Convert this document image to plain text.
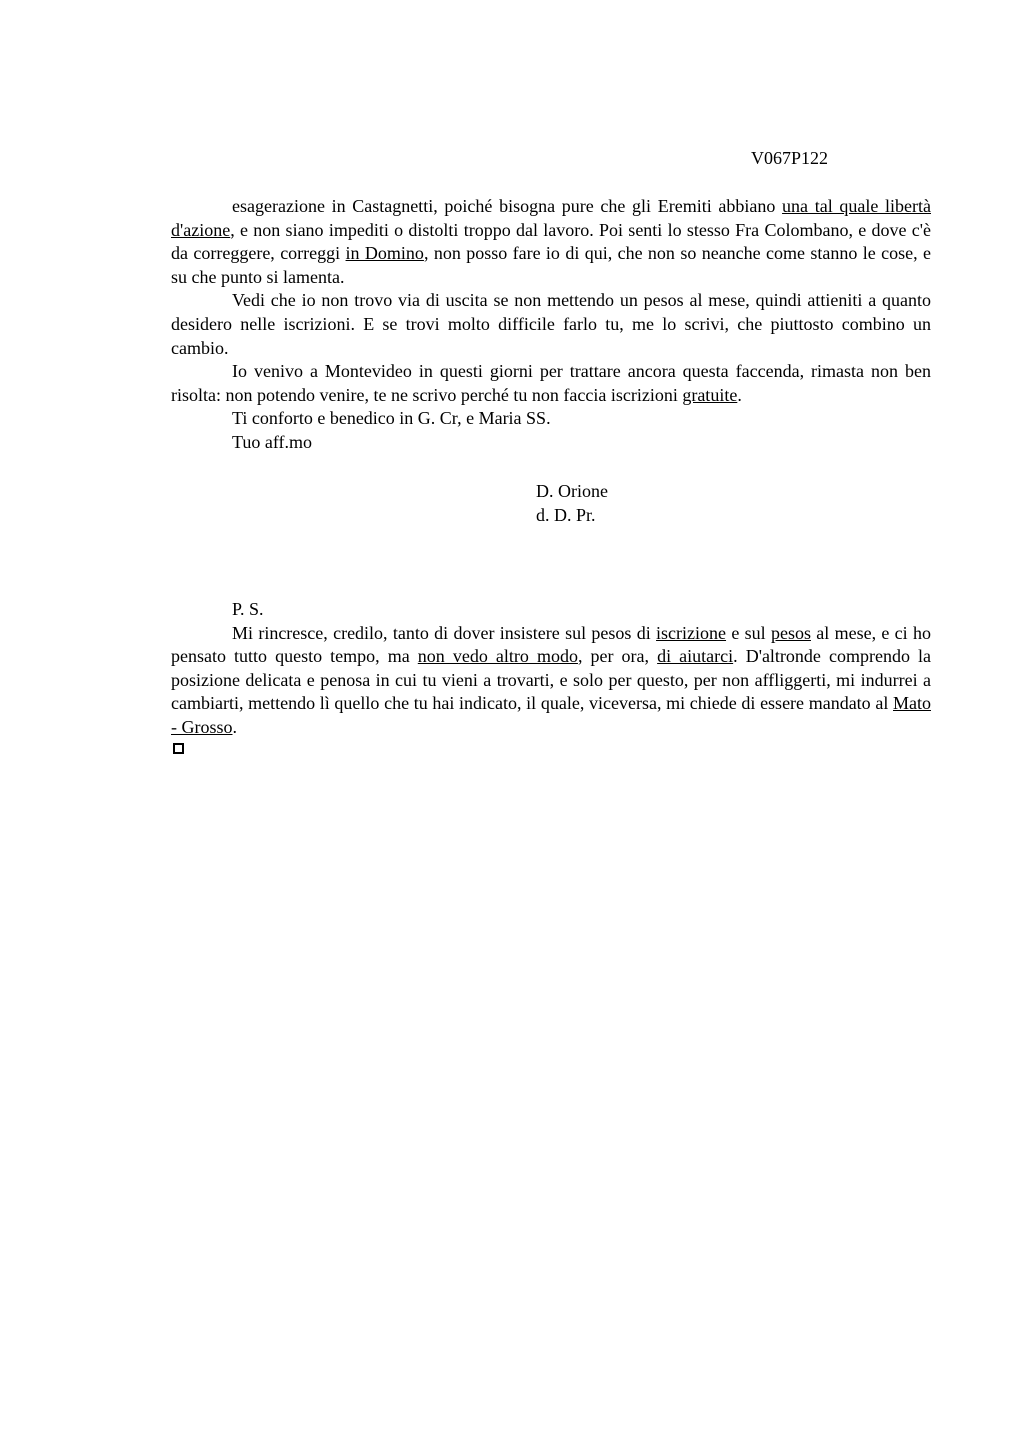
V067P122

esagerazione in Castagnetti, poiché bisogna pure che gli Eremiti abbiano una tal quale libertà d'azione, e non siano impediti o distolti troppo dal lavoro. Poi senti lo stesso Fra Colombano, e dove c'è da correggere, correggi in Domino, non posso fare io di qui, che non so neanche come stanno le cose, e su che punto si lamenta.

Vedi che io non trovo via di uscita se non mettendo un pesos al mese, quindi attieniti a quanto desidero nelle iscrizioni. E se trovi molto difficile farlo tu, me lo scrivi, che piuttosto combino un cambio.

Io venivo a Montevideo in questi giorni per trattare ancora questa faccenda, rimasta non ben risolta: non potendo venire, te ne scrivo perché tu non faccia iscrizioni gratuite.

Ti conforto e benedico in G. Cr, e Maria SS.

Tuo aff.mo

D. Orione
d. D. Pr.

P. S.

Mi rincresce, credilo, tanto di dover insistere sul pesos di iscrizione e sul pesos al mese, e ci ho pensato tutto questo tempo, ma non vedo altro modo, per ora, di aiutarci. D'altronde comprendo la posizione delicata e penosa in cui tu vieni a trovarti, e solo per questo, per non affliggerti, mi indurrei a cambiarti, mettendo lì quello che tu hai indicato, il quale, viceversa, mi chiede di essere mandato al Mato - Grosso.
